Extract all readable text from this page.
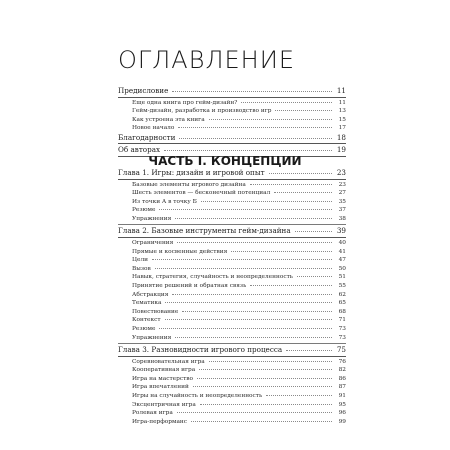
ОГЛАВЛЕНИЕ
Предисловие	11
Еще одна книга про гейм-дизайн?	11
Гейм-дизайн, разработка и производство игр	13
Как устроена эта книга	15
Новое начало	17
Благодарности	18
Об авторах	19
ЧАСТЬ I. КОНЦЕПЦИИ
Глава 1. Игры: дизайн и игровой опыт	23
Базовые элементы игрового дизайна	23
Шесть элементов — бесконечный потенциал	27
Из точки А в точку Б	35
Резюме	37
Упражнения	38
Глава 2. Базовые инструменты гейм-дизайна	39
Ограничения	40
Прямые и косвенные действия	41
Цели	47
Вызов	50
Навык, стратегия, случайность и неопределенность	51
Принятие решений и обратная связь	55
Абстракция	62
Тематика	65
Повествование	68
Контекст	71
Резюме	73
Упражнения	73
Глава 3. Разновидности игрового процесса	75
Соревновательная игра	76
Кооперативная игра	82
Игра на мастерство	86
Игра впечатлений	87
Игры на случайность и неопределенность	91
Эксцентричная игра	95
Ролевая игра	96
Игра-перформанс	99
